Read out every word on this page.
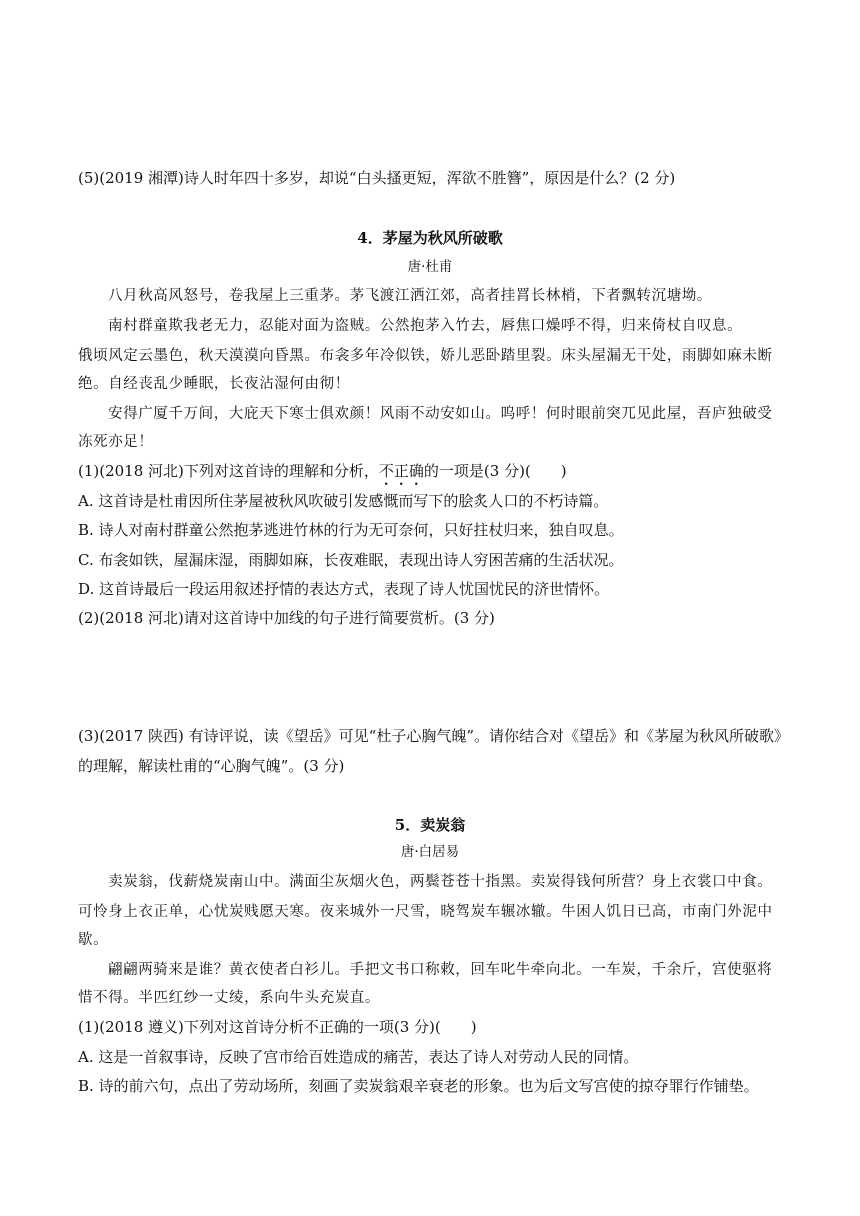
(5)(2019 湘潭)诗人时年四十多岁，却说“白头搔更短，浑欲不胜簪”，原因是什么？(2 分)
4．茅屋为秋风所破歌
唐·杜甫
八月秋高风怒号，卷我屋上三重茅。茅飞渡江洒江郊，高者挂罥长林梢，下者飘转沉塘坳。
南村群童欺我老无力，忍能对面为盗贼。公然抱茅入竹去，唇焦口燥呼不得，归来倚杖自叹息。
俄顷风定云墨色，秋天漠漠向昏黑。布衾多年冷似铁，娇儿恶卧踏里裂。床头屋漏无干处，雨脚如麻未断
绝。自经丧乱少睡眠，长夜沾湿何由彻！
安得广厦千万间，大庇天下寒士俱欢颜！风雨不动安如山。呜呼！何时眼前突兀见此屋，吾庐独破受
冻死亦足！
(1)(2018 河北)下列对这首诗的理解和分析，不正确的一项是(3 分)(　　)
A. 这首诗是杜甫因所住茅屋被秋风吹破引发感慨而写下的脍炙人口的不朽诗篇。
B. 诗人对南村群童公然抱茅逃进竹林的行为无可奈何，只好拄杖归来，独自叹息。
C. 布衾如铁，屋漏床湿，雨脚如麻，长夜难眠，表现出诗人穷困苦痛的生活状况。
D. 这首诗最后一段运用叙述抒情的表达方式，表现了诗人忧国忧民的济世情怀。
(2)(2018 河北)请对这首诗中加线的句子进行简要赏析。(3 分)
(3)(2017 陕西) 有诗评说，读《望岳》可见“杜子心胸气魄”。请你结合对《望岳》和《茅屋为秋风所破歌》
的理解，解读杜甫的“心胸气魄”。(3 分)
5．卖炭翁
唐·白居易
卖炭翁，伐薪烧炭南山中。满面尘灰烟火色，两鬓苍苍十指黑。卖炭得钱何所营？身上衣裳口中食。
可怜身上衣正单，心忧炭贱愿天寒。夜来城外一尺雪，晓驾炭车辗冰辙。牛困人饥日已高，市南门外泥中
歇。
翩翩两骑来是谁？黄衣使者白衫儿。手把文书口称敕，回车叱牛牵向北。一车炭，千余斤，宫使驱将
惜不得。半匹红纱一丈绫，系向牛头充炭直。
(1)(2018 遵义)下列对这首诗分析不正确的一项(3 分)(　　)
A. 这是一首叙事诗，反映了宫市给百姓造成的痛苦，表达了诗人对劳动人民的同情。
B. 诗的前六句，点出了劳动场所，刻画了卖炭翁艰辛衰老的形象。也为后文写宫使的掠夺罪行作铺垫。
